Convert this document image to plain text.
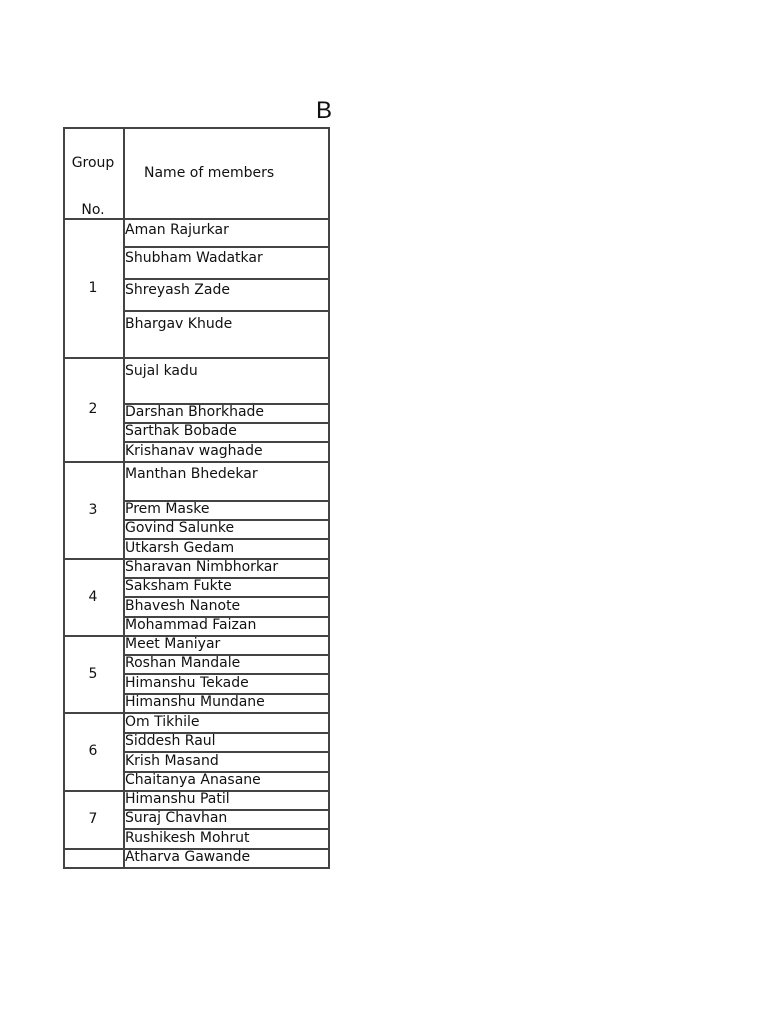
B
Group
No.
Name of members
Aman Rajurkar
Shubham Wadatkar
Shreyash Zade
Bhargav Khude
1
Sujal kadu
Darshan Bhorkhade
Sarthak Bobade
Krishanav waghade
2
Manthan Bhedekar
Prem Maske
Govind Salunke
Utkarsh Gedam
3
Sharavan Nimbhorkar
Saksham Fukte
Bhavesh Nanote
Mohammad Faizan
4
Meet Maniyar
Roshan Mandale
Himanshu Tekade
Himanshu Mundane
5
Om Tikhile
Siddesh Raul
Krish Masand
Chaitanya Anasane
6
Himanshu Patil
Suraj Chavhan
Rushikesh Mohrut
7
Atharva Gawande
